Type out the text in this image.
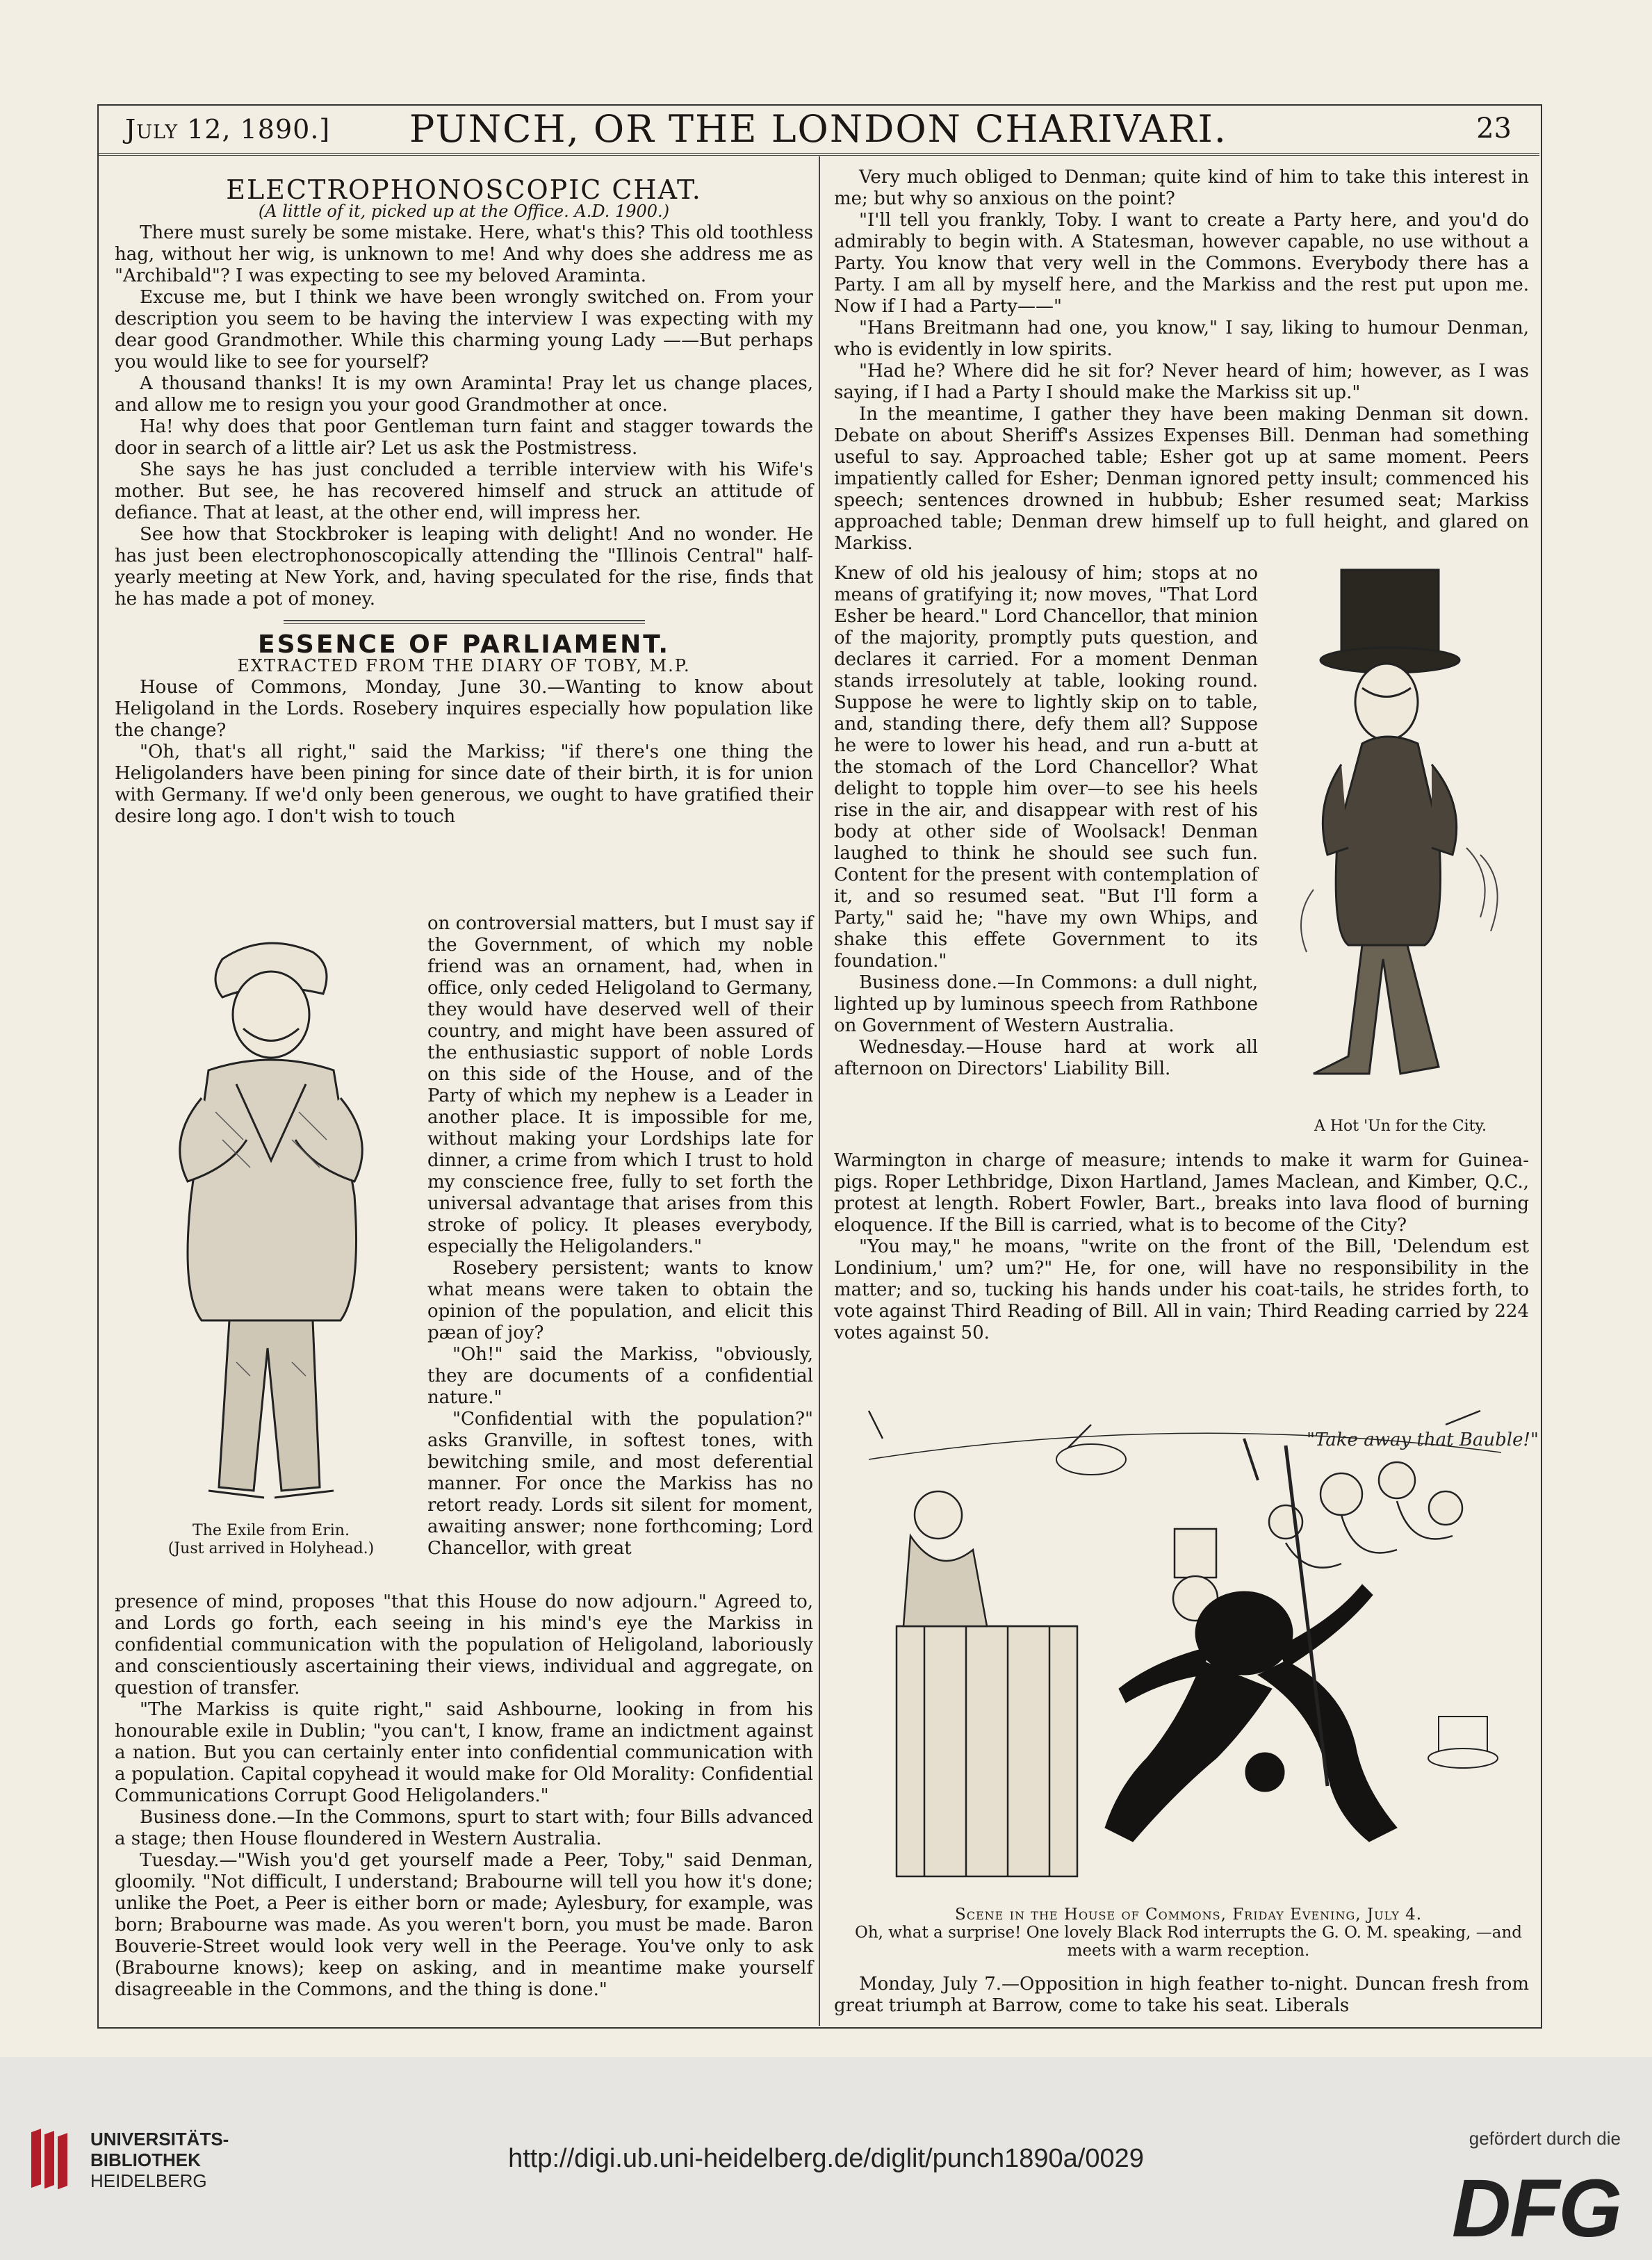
July 12, 1890.]	PUNCH, OR THE LONDON CHARIVARI.	23

ELECTROPHONOSCOPIC CHAT.

(A little of it, picked up at the Office. A.D. 1900.)

There must surely be some mistake. Here, what's this? This old toothless hag, without her wig, is unknown to me! And why does she address me as "Archibald"? I was expecting to see my beloved Araminta.

Excuse me, but I think we have been wrongly switched on. From your description you seem to be having the interview I was expecting with my dear good Grandmother. While this charming young Lady ——But perhaps you would like to see for yourself?

A thousand thanks! It is my own Araminta! Pray let us change places, and allow me to resign you your good Grandmother at once.

Ha! why does that poor Gentleman turn faint and stagger towards the door in search of a little air? Let us ask the Postmistress.

She says he has just concluded a terrible interview with his Wife's mother. But see, he has recovered himself and struck an attitude of defiance. That at least, at the other end, will impress her.

See how that Stockbroker is leaping with delight! And no wonder. He has just been electrophonoscopically attending the "Illinois Central" half-yearly meeting at New York, and, having speculated for the rise, finds that he has made a pot of money.

ESSENCE OF PARLIAMENT.

EXTRACTED FROM THE DIARY OF TOBY, M.P.

House of Commons, Monday, June 30.—Wanting to know about Heligoland in the Lords. Rosebery inquires especially how population like the change?

"Oh, that's all right," said the Markiss; "if there's one thing the Heligolanders have been pining for since date of their birth, it is for union with Germany. If we'd only been generous, we ought to have gratified their desire long ago. I don't wish to touch

The Exile from Erin.
(Just arrived in Holyhead.)

on controversial matters, but I must say if the Government, of which my noble friend was an ornament, had, when in office, only ceded Heligoland to Germany, they would have deserved well of their country, and might have been assured of the enthusiastic support of noble Lords on this side of the House, and of the Party of which my nephew is a Leader in another place. It is impossible for me, without making your Lordships late for dinner, a crime from which I trust to hold my conscience free, fully to set forth the universal advantage that arises from this stroke of policy. It pleases everybody, especially the Heligolanders."

Rosebery persistent; wants to know what means were taken to obtain the opinion of the population, and elicit this pæan of joy?

"Oh!" said the Markiss, "obviously, they are documents of a confidential nature."

"Confidential with the population?" asks Granville, in softest tones, with bewitching smile, and most deferential manner. For once the Markiss has no retort ready. Lords sit silent for moment, awaiting answer; none forthcoming; Lord Chancellor, with great

presence of mind, proposes "that this House do now adjourn." Agreed to, and Lords go forth, each seeing in his mind's eye the Markiss in confidential communication with the population of Heligoland, laboriously and conscientiously ascertaining their views, individual and aggregate, on question of transfer.

"The Markiss is quite right," said Ashbourne, looking in from his honourable exile in Dublin; "you can't, I know, frame an indictment against a nation. But you can certainly enter into confidential communication with a population. Capital copyhead it would make for Old Morality: Confidential Communications Corrupt Good Heligolanders."

Business done.—In the Commons, spurt to start with; four Bills advanced a stage; then House floundered in Western Australia.

Tuesday.—"Wish you'd get yourself made a Peer, Toby," said Denman, gloomily. "Not difficult, I understand; Brabourne will tell you how it's done; unlike the Poet, a Peer is either born or made; Aylesbury, for example, was born; Brabourne was made. As you weren't born, you must be made. Baron Bouverie-Street would look very well in the Peerage. You've only to ask (Brabourne knows); keep on asking, and in meantime make yourself disagreeable in the Commons, and the thing is done."

Very much obliged to Denman; quite kind of him to take this interest in me; but why so anxious on the point?

"I'll tell you frankly, Toby. I want to create a Party here, and you'd do admirably to begin with. A Statesman, however capable, no use without a Party. You know that very well in the Commons. Everybody there has a Party. I am all by myself here, and the Markiss and the rest put upon me. Now if I had a Party——"

"Hans Breitmann had one, you know," I say, liking to humour Denman, who is evidently in low spirits.

"Had he? Where did he sit for? Never heard of him; however, as I was saying, if I had a Party I should make the Markiss sit up."

In the meantime, I gather they have been making Denman sit down. Debate on about Sheriff's Assizes Expenses Bill. Denman had something useful to say. Approached table; Esher got up at same moment. Peers impatiently called for Esher; Denman ignored petty insult; commenced his speech; sentences drowned in hubbub; Esher resumed seat; Markiss approached table; Denman drew himself up to full height, and glared on Markiss.

Knew of old his jealousy of him; stops at no means of gratifying it; now moves, "That Lord Esher be heard." Lord Chancellor, that minion of the majority, promptly puts question, and declares it carried. For a moment Denman stands irresolutely at table, looking round. Suppose he were to lightly skip on to table, and, standing there, defy them all? Suppose he were to lower his head, and run a-butt at the stomach of the Lord Chancellor? What delight to topple him over—to see his heels rise in the air, and disappear with rest of his body at other side of Woolsack! Denman laughed to think he should see such fun. Content for the present with contemplation of it, and so resumed seat. "But I'll form a Party," said he; "have my own Whips, and shake this effete Government to its foundation."

Business done.—In Commons: a dull night, lighted up by luminous speech from Rathbone on Government of Western Australia.

Wednesday.—House hard at work all afternoon on Directors' Liability Bill.

A Hot 'Un for the City.

Warmington in charge of measure; intends to make it warm for Guinea-pigs. Roper Lethbridge, Dixon Hartland, James Maclean, and Kimber, Q.C., protest at length. Robert Fowler, Bart., breaks into lava flood of burning eloquence. If the Bill is carried, what is to become of the City?

"You may," he moans, "write on the front of the Bill, 'Delendum est Londinium,' um? um?" He, for one, will have no responsibility in the matter; and so, tucking his hands under his coat-tails, he strides forth, to vote against Third Reading of Bill. All in vain; Third Reading carried by 224 votes against 50.

"Take away that Bauble!"
Scene in the House of Commons, Friday Evening, July 4.
Oh, what a surprise! One lovely Black Rod interrupts the G. O. M. speaking, —and meets with a warm reception.

Monday, July 7.—Opposition in high feather to-night. Duncan fresh from great triumph at Barrow, come to take his seat. Liberals

UNIVERSITÄTS-
BIBLIOTHEK
HEIDELBERG
http://digi.ub.uni-heidelberg.de/diglit/punch1890a/0029
gefördert durch die
DFG
